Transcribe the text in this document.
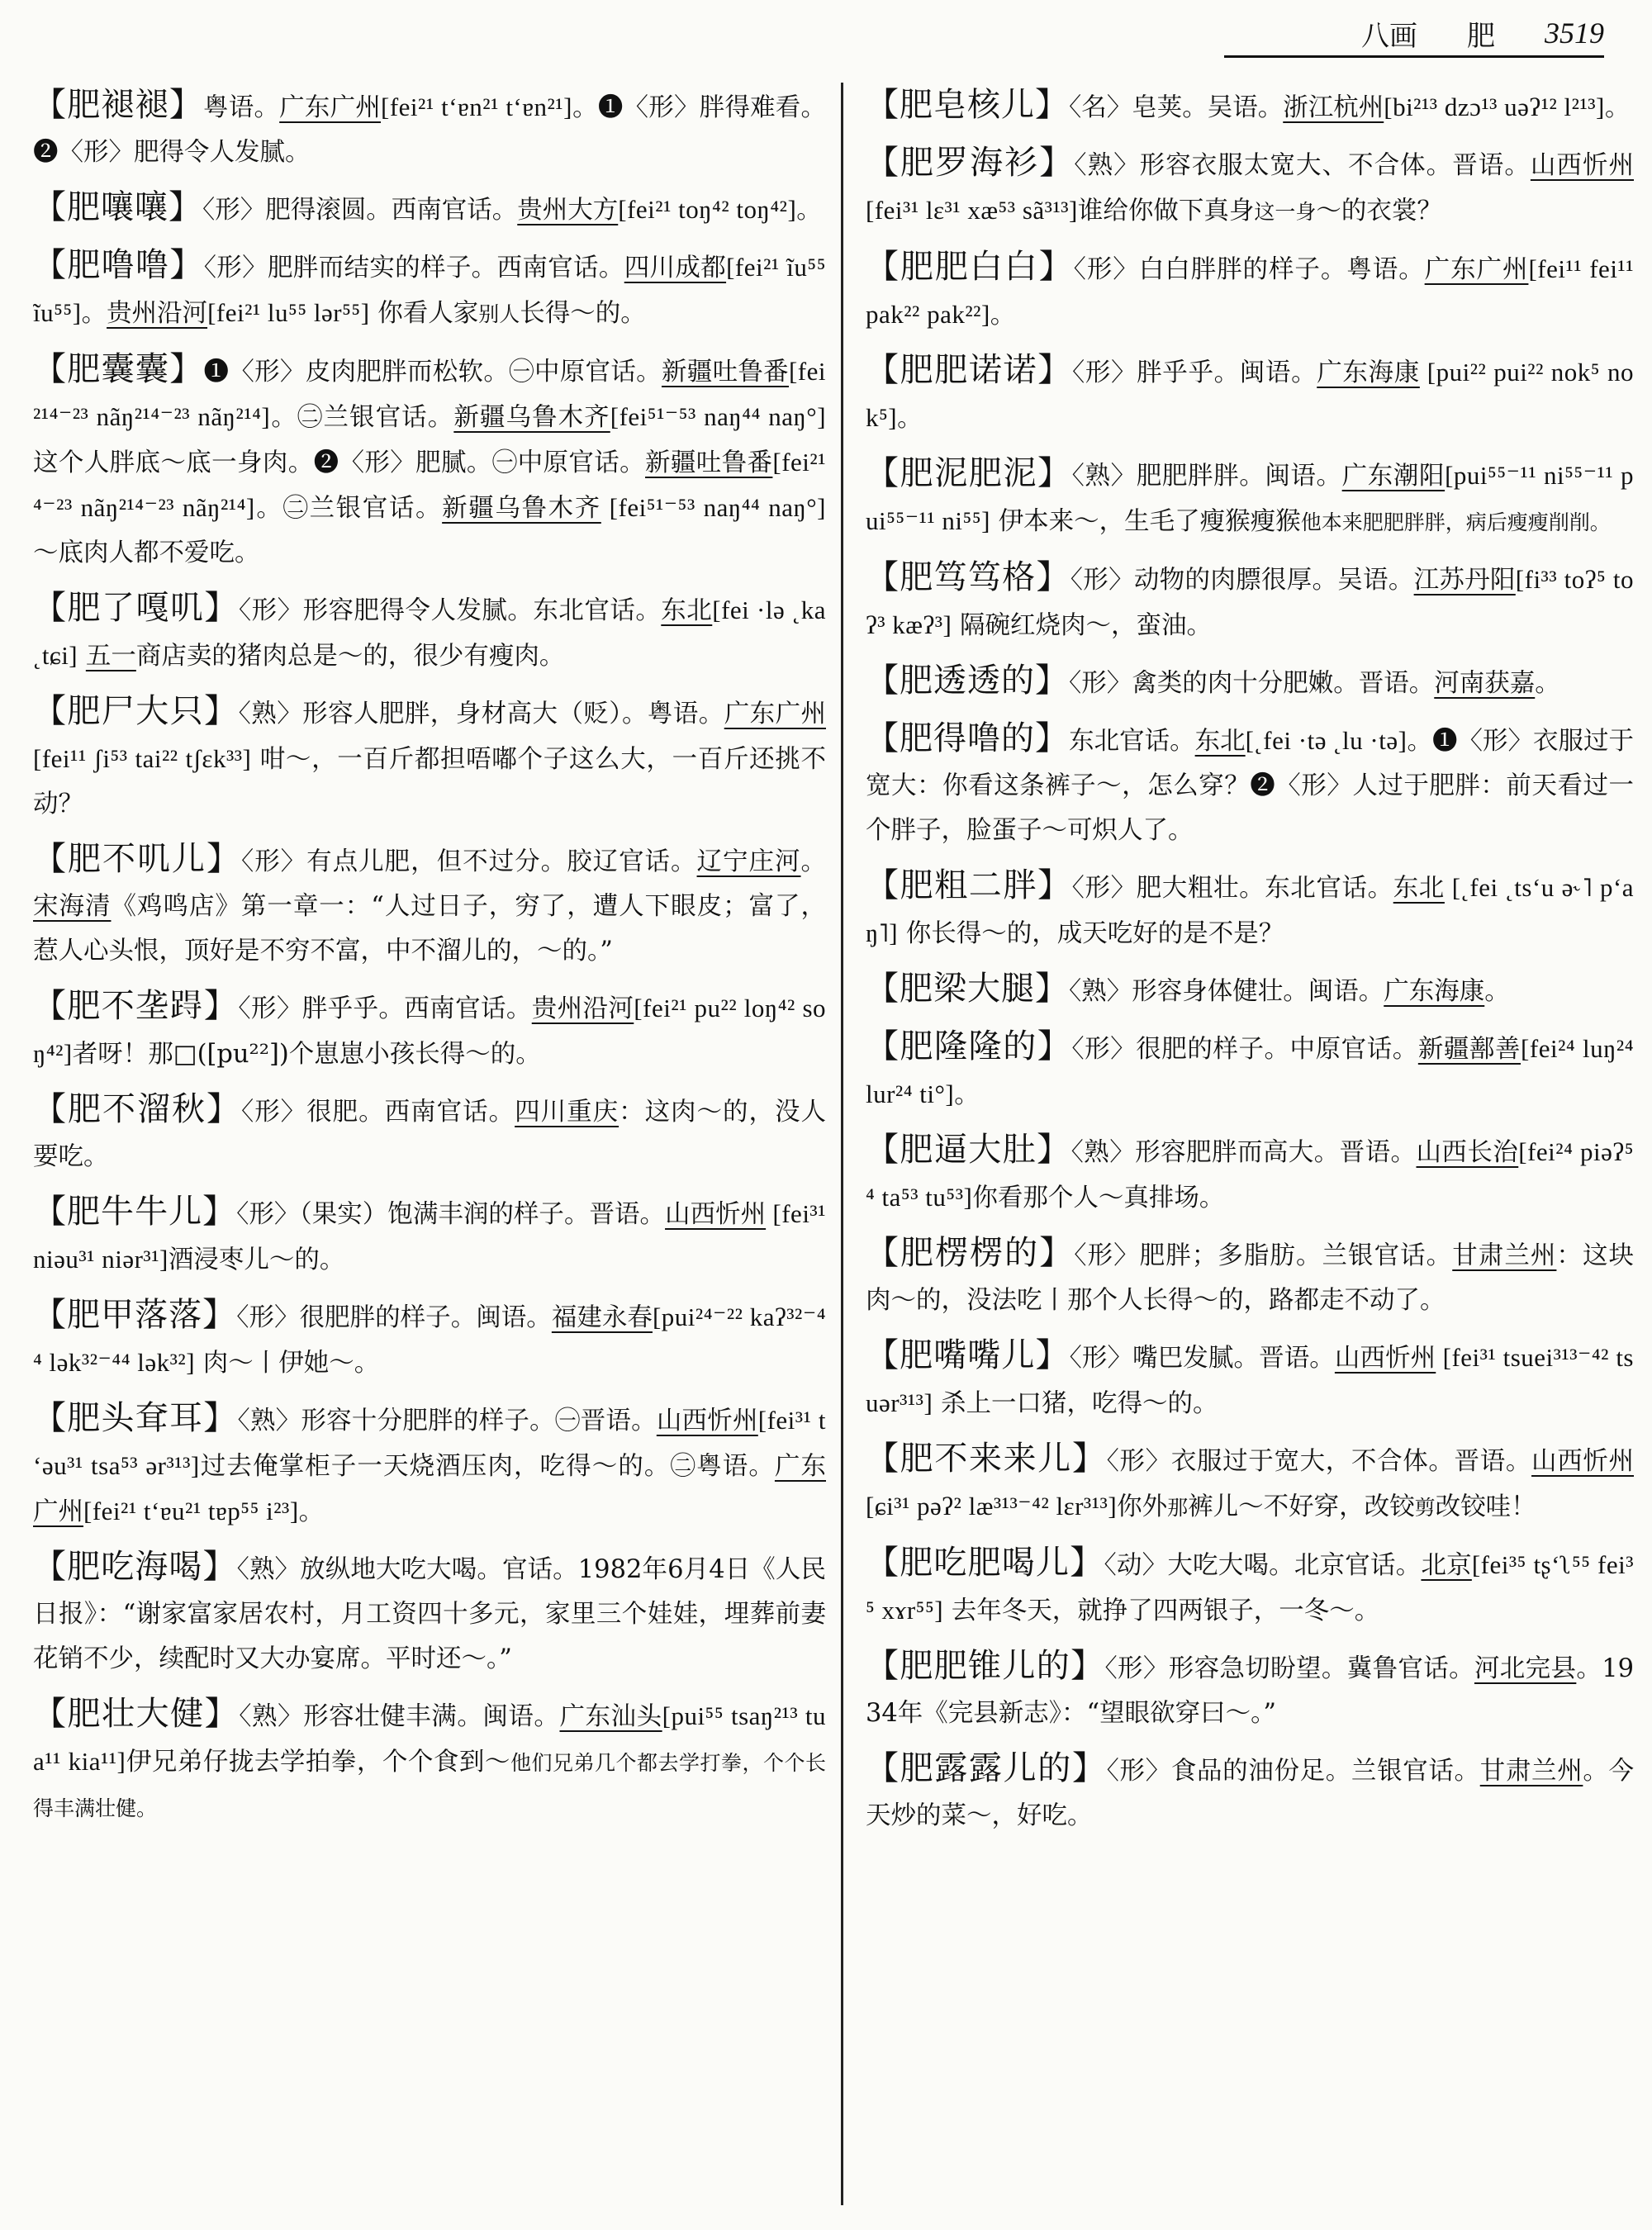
八画 肥 3519
【肥褪褪】粤语。广东广州[fei²¹ tʻɐn²¹ tʻɐn²¹]。❶〈形〉胖得难看。❷〈形〉肥得令人发腻。
【肥嚷嚷】〈形〉肥得滚圆。西南官话。贵州大方[fei²¹ toŋ⁴² toŋ⁴²]。
【肥噜噜】〈形〉肥胖而结实的样子。西南官话。四川成都[fei²¹ ĩu⁵⁵ ĩu⁵⁵]。贵州沿河[fei²¹ lu⁵⁵ lər⁵⁵] 你看人家别人长得～的。
【肥囊囊】❶〈形〉皮肉肥胖而松软。㊀中原官话。新疆吐鲁番[fei²¹⁴⁻²³ nãŋ²¹⁴⁻²³ nãŋ²¹⁴]。㊁兰银官话。新疆乌鲁木齐[fei⁵¹⁻⁵³ naŋ⁴⁴ naŋ°] 这个人胖底～底一身肉。❷〈形〉肥腻。㊀中原官话。新疆吐鲁番[fei²¹⁴⁻²³ nãŋ²¹⁴⁻²³ nãŋ²¹⁴]。㊁兰银官话。新疆乌鲁木齐 [fei⁵¹⁻⁵³ naŋ⁴⁴ naŋ°] ～底肉人都不爱吃。
【肥了嘎叽】〈形〉形容肥得令人发腻。东北官话。东北[fei ·lə ˛ka ˛tɕi] 五一商店卖的猪肉总是～的，很少有瘦肉。
【肥尸大只】〈熟〉形容人肥胖，身材高大（贬）。粤语。广东广州 [fei¹¹ ʃi⁵³ tai²² tʃɛk³³] 咁～，一百斤都担唔嘟个子这么大，一百斤还挑不动？
【肥不叽儿】〈形〉有点儿肥，但不过分。胶辽官话。辽宁庄河。宋海清《鸡鸣店》第一章一：“人过日子，穷了，遭人下眼皮；富了，惹人心头恨，顶好是不穷不富，中不溜儿的，～的。”
【肥不垄𨁽】〈形〉胖乎乎。西南官话。贵州沿河[fei²¹ pu²² loŋ⁴² soŋ⁴²]者呀！那□([pu²²])个崽崽小孩长得～的。
【肥不溜秋】〈形〉很肥。西南官话。四川重庆：这肉～的，没人要吃。
【肥牛牛儿】〈形〉（果实）饱满丰润的样子。晋语。山西忻州 [fei³¹ niəu³¹ niər³¹]酒浸枣儿～的。
【肥甲落落】〈形〉很肥胖的样子。闽语。福建永春[pui²⁴⁻²² kaʔ³²⁻⁴⁴ lək³²⁻⁴⁴ lək³²] 肉～丨伊她～。
【肥头耷耳】〈熟〉形容十分肥胖的样子。㊀晋语。山西忻州[fei³¹ tʻəu³¹ tsa⁵³ ər³¹³]过去俺掌柜子一天烧酒压肉，吃得～的。㊁粤语。广东广州[fei²¹ tʻɐu²¹ tɐp⁵⁵ i²³]。
【肥吃海喝】〈熟〉放纵地大吃大喝。官话。1982年6月4日《人民日报》：“谢家富家居农村，月工资四十多元，家里三个娃娃，埋葬前妻花销不少，续配时又大办宴席。平时还～。”
【肥壮大健】〈熟〉形容壮健丰满。闽语。广东汕头[pui⁵⁵ tsaŋ²¹³ tua¹¹ kia¹¹]伊兄弟仔拢去学拍拳，个个食到～他们兄弟几个都去学打拳，个个长得丰满壮健。
【肥皂核儿】〈名〉皂荚。吴语。浙江杭州[bi²¹³ dzɔ¹³ uəʔ¹² l²¹³]。
【肥罗海衫】〈熟〉形容衣服太宽大、不合体。晋语。山西忻州 [fei³¹ lɛ³¹ xæ⁵³ sã³¹³]谁给你做下真身这一身～的衣裳？
【肥肥白白】〈形〉白白胖胖的样子。粤语。广东广州[fei¹¹ fei¹¹ pak²² pak²²]。
【肥肥诺诺】〈形〉胖乎乎。闽语。广东海康 [pui²² pui²² nok⁵ nok⁵]。
【肥泥肥泥】〈熟〉肥肥胖胖。闽语。广东潮阳[pui⁵⁵⁻¹¹ ni⁵⁵⁻¹¹ pui⁵⁵⁻¹¹ ni⁵⁵] 伊本来～，生毛了瘦猴瘦猴他本来肥肥胖胖，病后瘦瘦削削。
【肥笃笃格】〈形〉动物的肉膘很厚。吴语。江苏丹阳[fi³³ toʔ⁵ toʔ³ kæʔ³] 隔碗红烧肉～，蛮油。
【肥透透的】〈形〉禽类的肉十分肥嫩。晋语。河南获嘉。
【肥得噜的】东北官话。东北[˛fei ·tə ˛lu ·tə]。❶〈形〉衣服过于宽大：你看这条裤子～，怎么穿？❷〈形〉人过于肥胖：前天看过一个胖子，脸蛋子～可炽人了。
【肥粗二胖】〈形〉肥大粗壮。东北官话。东北 [˛fei ˛tsʻu ə˞˥ pʻaŋ˥] 你长得～的，成天吃好的是不是？
【肥梁大腿】〈熟〉形容身体健壮。闽语。广东海康。
【肥隆隆的】〈形〉很肥的样子。中原官话。新疆鄯善[fei²⁴ luŋ²⁴ lur²⁴ ti°]。
【肥逼大肚】〈熟〉形容肥胖而高大。晋语。山西长治[fei²⁴ piəʔ⁵⁴ ta⁵³ tu⁵³]你看那个人～真排场。
【肥楞楞的】〈形〉肥胖；多脂肪。兰银官话。甘肃兰州：这块肉～的，没法吃丨那个人长得～的，路都走不动了。
【肥嘴嘴儿】〈形〉嘴巴发腻。晋语。山西忻州 [fei³¹ tsuei³¹³⁻⁴² tsuər³¹³] 杀上一口猪，吃得～的。
【肥不来来儿】〈形〉衣服过于宽大，不合体。晋语。山西忻州[ɕi³¹ pəʔ² læ³¹³⁻⁴² lɛr³¹³]你外那裤儿～不好穿，改铰剪改铰哇！
【肥吃肥喝儿】〈动〉大吃大喝。北京官话。北京[fei³⁵ tʂʻʅ⁵⁵ fei³⁵ xɤr⁵⁵] 去年冬天，就挣了四两银子，一冬～。
【肥肥锥儿的】〈形〉形容急切盼望。冀鲁官话。河北完县。1934年《完县新志》：“望眼欲穿曰～。”
【肥露露儿的】〈形〉食品的油份足。兰银官话。甘肃兰州。今天炒的菜～，好吃。
